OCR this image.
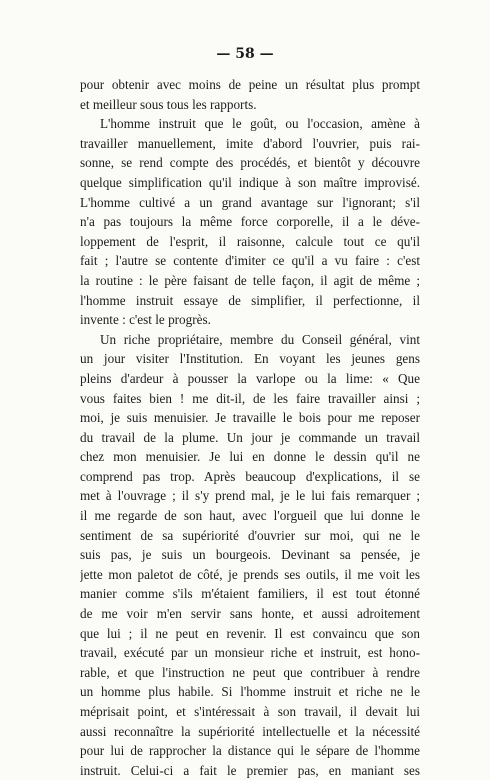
— 58 —
pour obtenir avec moins de peine un résultat plus prompt
et meilleur sous tous les rapports.
L'homme instruit que le goût, ou l'occasion, amène à
travailler manuellement, imite d'abord l'ouvrier, puis rai-
sonne, se rend compte des procédés, et bientôt y découvre
quelque simplification qu'il indique à son maître improvisé.
L'homme cultivé a un grand avantage sur l'ignorant; s'il
n'a pas toujours la même force corporelle, il a le déve-
loppement de l'esprit, il raisonne, calcule tout ce qu'il
fait ; l'autre se contente d'imiter ce qu'il a vu faire : c'est
la routine : le père faisant de telle façon, il agit de même ;
l'homme instruit essaye de simplifier, il perfectionne, il
invente : c'est le progrès.
Un riche propriétaire, membre du Conseil général, vint
un jour visiter l'Institution. En voyant les jeunes gens
pleins d'ardeur à pousser la varlope ou la lime: « Que
vous faites bien ! me dit-il, de les faire travailler ainsi ;
moi, je suis menuisier. Je travaille le bois pour me reposer
du travail de la plume. Un jour je commande un travail
chez mon menuisier. Je lui en donne le dessin qu'il ne
comprend pas trop. Après beaucoup d'explications, il se
met à l'ouvrage ; il s'y prend mal, je le lui fais remarquer ;
il me regarde de son haut, avec l'orgueil que lui donne le
sentiment de sa supériorité d'ouvrier sur moi, qui ne le
suis pas, je suis un bourgeois. Devinant sa pensée, je
jette mon paletot de côté, je prends ses outils, il me voit les
manier comme s'ils m'étaient familiers, il est tout étonné
de me voir m'en servir sans honte, et aussi adroitement
que lui ; il ne peut en revenir. Il est convaincu que son
travail, exécuté par un monsieur riche et instruit, est hono-
rable, et que l'instruction ne peut que contribuer à rendre
un homme plus habile. Si l'homme instruit et riche ne le
méprisait point, et s'intéressait à son travail, il devait lui
aussi reconnaître la supériorité intellectuelle et la nécessité
pour lui de rapprocher la distance qui le sépare de l'homme
instruit. Celui-ci a fait le premier pas, en maniant ses
